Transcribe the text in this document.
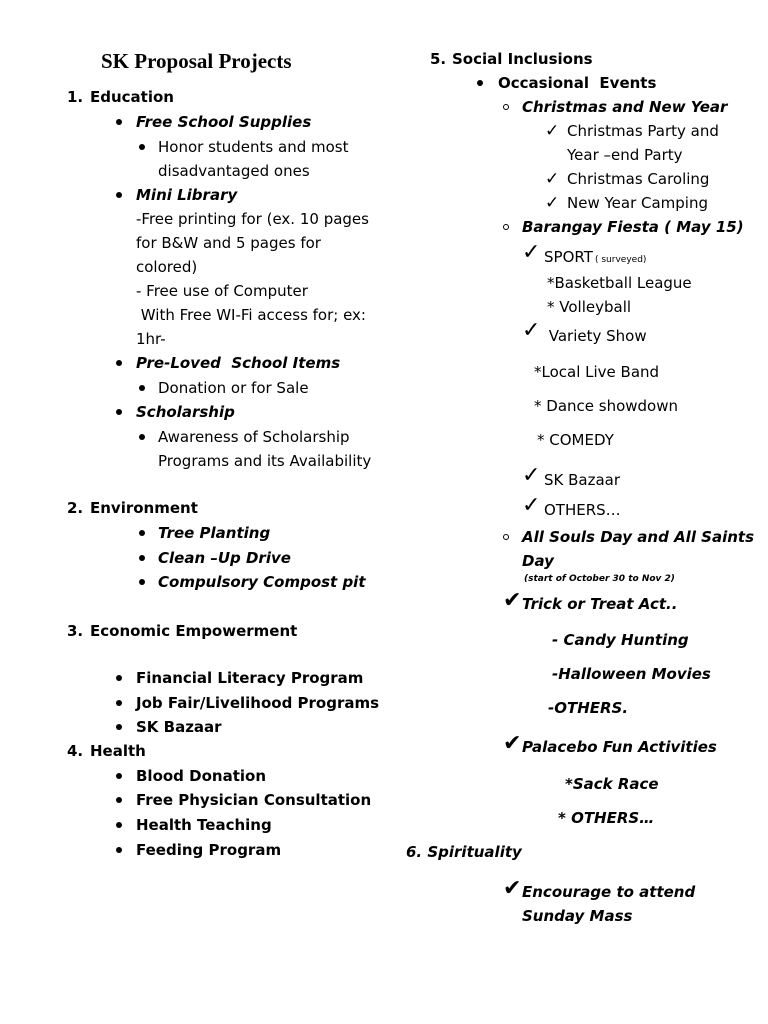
SK Proposal Projects
1. Education
Free School Supplies
Honor students and most
disadvantaged ones
Mini Library
-Free printing for (ex. 10 pages
for B&W and 5 pages for
colored)
- Free use of Computer
With Free WI-Fi access for; ex:
1hr-
Pre-Loved  School Items
Donation or for Sale
Scholarship
Awareness of Scholarship
Programs and its Availability
2. Environment
Tree Planting
Clean –Up Drive
Compulsory Compost pit
3. Economic Empowerment
Financial Literacy Program
Job Fair/Livelihood Programs
SK Bazaar
4. Health
Blood Donation
Free Physician Consultation
Health Teaching
Feeding Program
5. Social Inclusions
Occasional  Events
Christmas and New Year
✓ Christmas Party and
Year –end Party
✓ Christmas Caroling
✓ New Year Camping
Barangay Fiesta ( May 15)
✓ SPORT ( surveyed)
*Basketball League
* Volleyball
✓ Variety Show
*Local Live Band
* Dance showdown
* COMEDY
✓ SK Bazaar
✓ OTHERS…
All Souls Day and All Saints
Day
(start of October 30 to Nov 2)
✔ Trick or Treat Act..
- Candy Hunting
-Halloween Movies
-OTHERS.
✔ Palacebo Fun Activities
*Sack Race
* OTHERS…
6. Spirituality
✔ Encourage to attend
Sunday Mass
